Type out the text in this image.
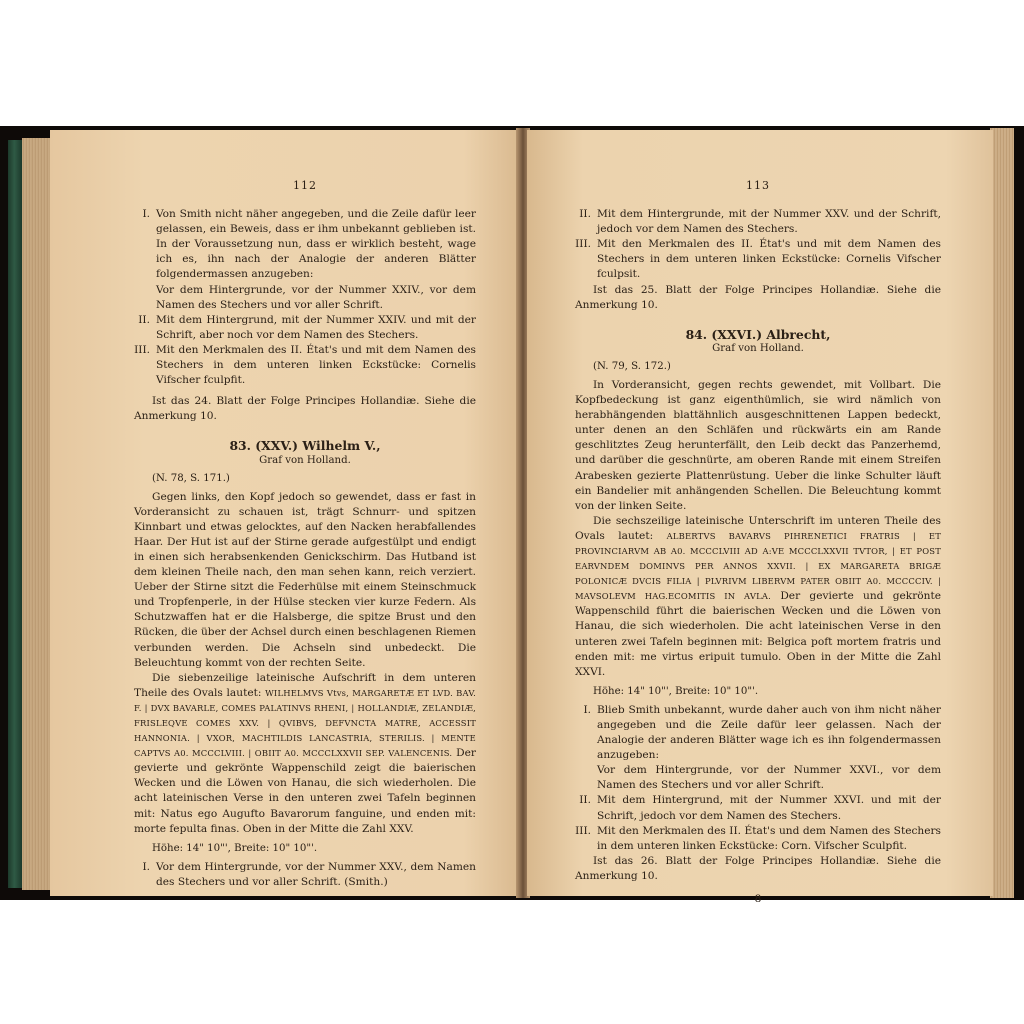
112
I. Von Smith nicht näher angegeben, und die Zeile dafür leer gelassen, ein Beweis, dass er ihm unbekannt geblieben ist. In der Voraussetzung nun, dass er wirklich besteht, wage ich es, ihn nach der Analogie der anderen Blätter folgendermassen anzugeben:
Vor dem Hintergrunde, vor der Nummer XXIV., vor dem Namen des Stechers und vor aller Schrift.
II. Mit dem Hintergrund, mit der Nummer XXIV. und mit der Schrift, aber noch vor dem Namen des Stechers.
III. Mit den Merkmalen des II. État's und mit dem Namen des Stechers in dem unteren linken Eckstücke: Cornelis Vifscher fculpfit.

Ist das 24. Blatt der Folge Principes Hollandiæ. Siehe die Anmerkung 10.

83. (XXV.) Wilhelm V.,
Graf von Holland.
(N. 78, S. 171.)

Gegen links, den Kopf jedoch so gewendet, dass er fast in Vorderansicht zu schauen ist, trägt Schnurr- und spitzen Kinnbart und etwas gelocktes, auf den Nacken herabfallendes Haar. Der Hut ist auf der Stirne gerade aufgestülpt und endigt in einen sich herabsenkenden Genickschirm. Das Hutband ist dem kleinen Theile nach, den man sehen kann, reich verziert. Ueber der Stirne sitzt die Federhülse mit einem Steinschmuck und Tropfenperle, in der Hülse stecken vier kurze Federn. Als Schutzwaffen hat er die Halsberge, die spitze Brust und den Rücken, die über der Achsel durch einen beschlagenen Riemen verbunden werden. Die Achseln sind unbedeckt. Die Beleuchtung kommt von der rechten Seite.

Die siebenzeilige lateinische Aufschrift in dem unteren Theile des Ovals lautet: WILHELMVS Vtvs, MARGARETÆ ET LVD. BAV. F. | DVX BAVARLE, COMES PALATINVS RHENI, | HOLLANDIÆ, ZELANDIÆ, FRISLEQVE COMES XXV. | QVIBVS, DEFVNCTA MATRE, ACCESSIT HANNONIA. | VXOR, MACHTILDIS LANCASTRIA, STERILIS. | MENTE CAPTVS A0. MCCCLVIII. | OBIIT A0. MCCCLXXVII SEP. VALENCENIS. Der gevierte und gekrönte Wappenschild zeigt die baierischen Wecken und die Löwen von Hanau, die sich wiederholen. Die acht lateinischen Verse in den unteren zwei Tafeln beginnen mit: Natus ego Augufto Bavarorum fanguine, und enden mit: morte fepulta finas. Oben in der Mitte die Zahl XXV.

Höhe: 14" 10"', Breite: 10" 10"'.
I. Vor dem Hintergrunde, vor der Nummer XXV., dem Namen des Stechers und vor aller Schrift. (Smith.)
113
II. Mit dem Hintergrunde, mit der Nummer XXV. und der Schrift, jedoch vor dem Namen des Stechers.
III. Mit den Merkmalen des II. État's und mit dem Namen des Stechers in dem unteren linken Eckstücke: Cornelis Vifscher fculpsit.

Ist das 25. Blatt der Folge Principes Hollandiæ. Siehe die Anmerkung 10.

84. (XXVI.) Albrecht,
Graf von Holland.
(N. 79, S. 172.)

In Vorderansicht, gegen rechts gewendet, mit Vollbart. Die Kopfbedeckung ist ganz eigenthümlich, sie wird nämlich von herabhängenden blattähnlich ausgeschnittenen Lappen bedeckt, unter denen an den Schläfen und rückwärts ein am Rande geschlitztes Zeug herunterfällt, den Leib deckt das Panzerhemd, und darüber die geschnürte, am oberen Rande mit einem Streifen Arabesken gezierte Plattenrüstung. Ueber die linke Schulter läuft ein Bandelier mit anhängenden Schellen. Die Beleuchtung kommt von der linken Seite.

Die sechszeilige lateinische Unterschrift im unteren Theile des Ovals lautet: ALBERTVS BAVARVS PIHRENETICI FRATRIS | ET PROVINCIARVM AB A0. MCCCLVIII AD A:VE MCCCLXXVII TVTOR, | ET POST EARVNDEM DOMINVS PER ANNOS XXVII. | EX MARGARETA BRIGÆ POLONICÆ DVCIS FILIA | PLVRIVM LIBERVM PATER OBIIT A0. MCCCCIV. | MAVSOLEVM HAG.ECOMITIS IN AVLA. Der gevierte und gekrönte Wappenschild führt die baierischen Wecken und die Löwen von Hanau, die sich wiederholen. Die acht lateinischen Verse in den unteren zwei Tafeln beginnen mit: Belgica poft mortem fratris und enden mit: me virtus eripuit tumulo. Oben in der Mitte die Zahl XXVI.

Höhe: 14" 10"', Breite: 10" 10"'.
I. Blieb Smith unbekannt, wurde daher auch von ihm nicht näher angegeben und die Zeile dafür leer gelassen. Nach der Analogie der anderen Blätter wage ich es ihn folgendermassen anzugeben:
Vor dem Hintergrunde, vor der Nummer XXVI., vor dem Namen des Stechers und vor aller Schrift.
II. Mit dem Hintergrund, mit der Nummer XXVI. und mit der Schrift, jedoch vor dem Namen des Stechers.
III. Mit den Merkmalen des II. État's und dem Namen des Stechers in dem unteren linken Eckstücke: Corn. Vifscher Sculpfit.

Ist das 26. Blatt der Folge Principes Hollandiæ. Siehe die Anmerkung 10.

8
